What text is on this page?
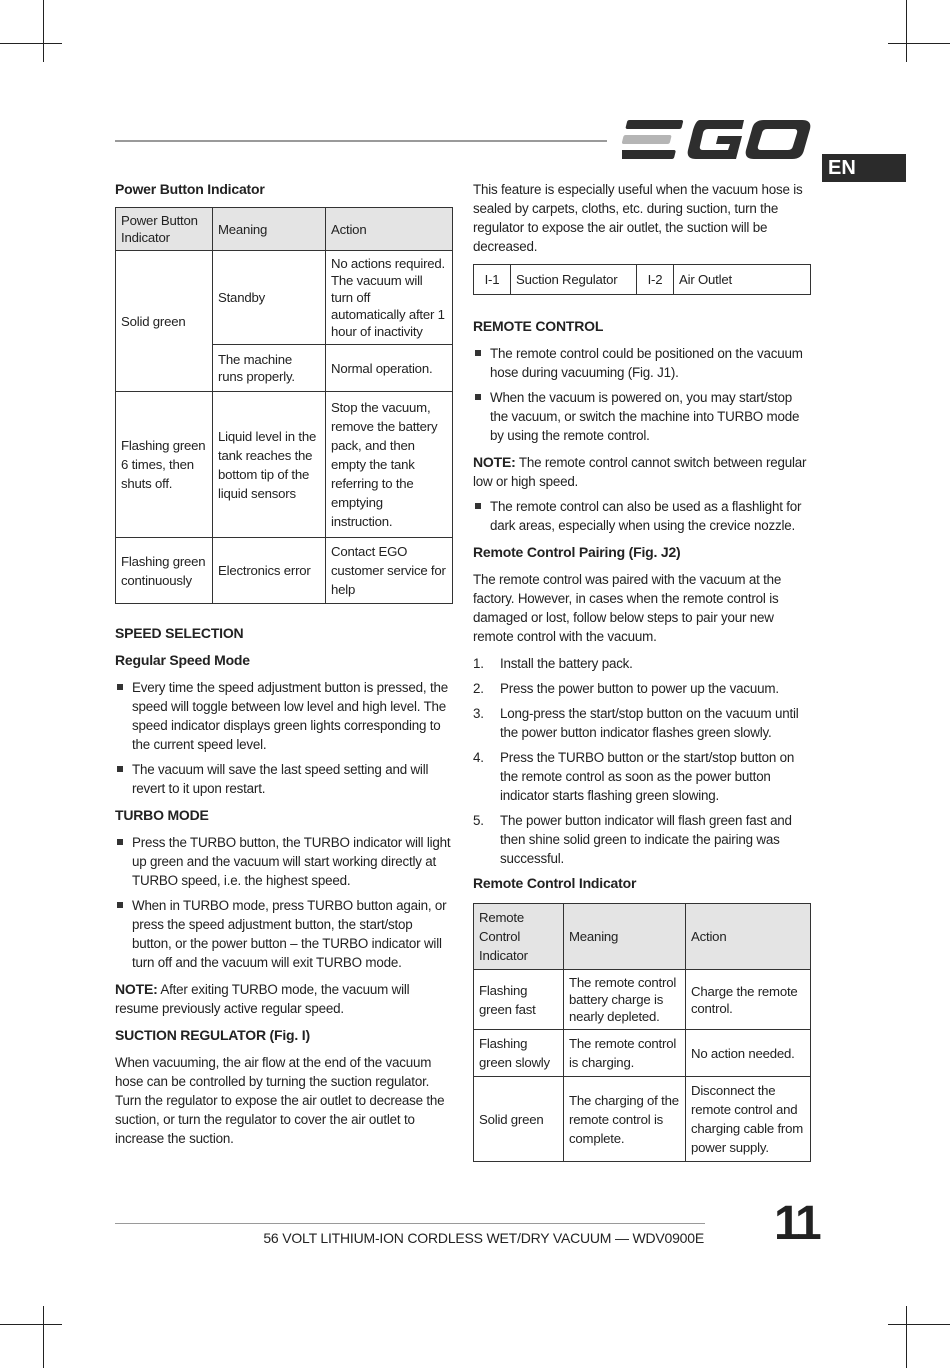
EN
Power Button Indicator
Power Button Indicator	Meaning	Action
Solid green	Standby	No actions required. The vacuum will turn off automatically after 1 hour of inactivity
	The machine runs properly.	Normal operation.
Flashing green 6 times, then shuts off.	Liquid level in the tank reaches the bottom tip of the liquid sensors	Stop the vacuum, remove the battery pack, and then empty the tank referring to the emptying instruction.
Flashing green continuously	Electronics error	Contact EGO customer service for help
SPEED SELECTION
Regular Speed Mode
Every time the speed adjustment button is pressed, the speed will toggle between low level and high level. The speed indicator displays green lights corresponding to the current speed level.
The vacuum will save the last speed setting and will revert to it upon restart.
TURBO MODE
Press the TURBO button, the TURBO indicator will light up green and the vacuum will start working directly at TURBO speed, i.e. the highest speed.
When in TURBO mode, press TURBO button again, or press the speed adjustment button, the start/stop button, or the power button – the TURBO indicator will turn off and the vacuum will exit TURBO mode.
NOTE: After exiting TURBO mode, the vacuum will resume previously active regular speed.
SUCTION REGULATOR (Fig. I)
When vacuuming, the air flow at the end of the vacuum hose can be controlled by turning the suction regulator. Turn the regulator to expose the air outlet to decrease the suction, or turn the regulator to cover the air outlet to increase the suction.
This feature is especially useful when the vacuum hose is sealed by carpets, cloths, etc. during suction, turn the regulator to expose the air outlet, the suction will be decreased.
I-1	Suction Regulator	I-2	Air Outlet
REMOTE CONTROL
The remote control could be positioned on the vacuum hose during vacuuming (Fig. J1).
When the vacuum is powered on, you may start/stop the vacuum, or switch the machine into TURBO mode by using the remote control.
NOTE: The remote control cannot switch between regular low or high speed.
The remote control can also be used as a flashlight for dark areas, especially when using the crevice nozzle.
Remote Control Pairing (Fig. J2)
The remote control was paired with the vacuum at the factory. However, in cases when the remote control is damaged or lost, follow below steps to pair your new remote control with the vacuum.
1. Install the battery pack.
2. Press the power button to power up the vacuum.
3. Long-press the start/stop button on the vacuum until the power button indicator flashes green slowly.
4. Press the TURBO button or the start/stop button on the remote control as soon as the power button indicator starts flashing green slowing.
5. The power button indicator will flash green fast and then shine solid green to indicate the pairing was successful.
Remote Control Indicator
Remote Control Indicator	Meaning	Action
Flashing green fast	The remote control battery charge is nearly depleted.	Charge the remote control.
Flashing green slowly	The remote control is charging.	No action needed.
Solid green	The charging of the remote control is complete.	Disconnect the remote control and charging cable from power supply.
56 VOLT LITHIUM-ION CORDLESS WET/DRY VACUUM — WDV0900E 11
